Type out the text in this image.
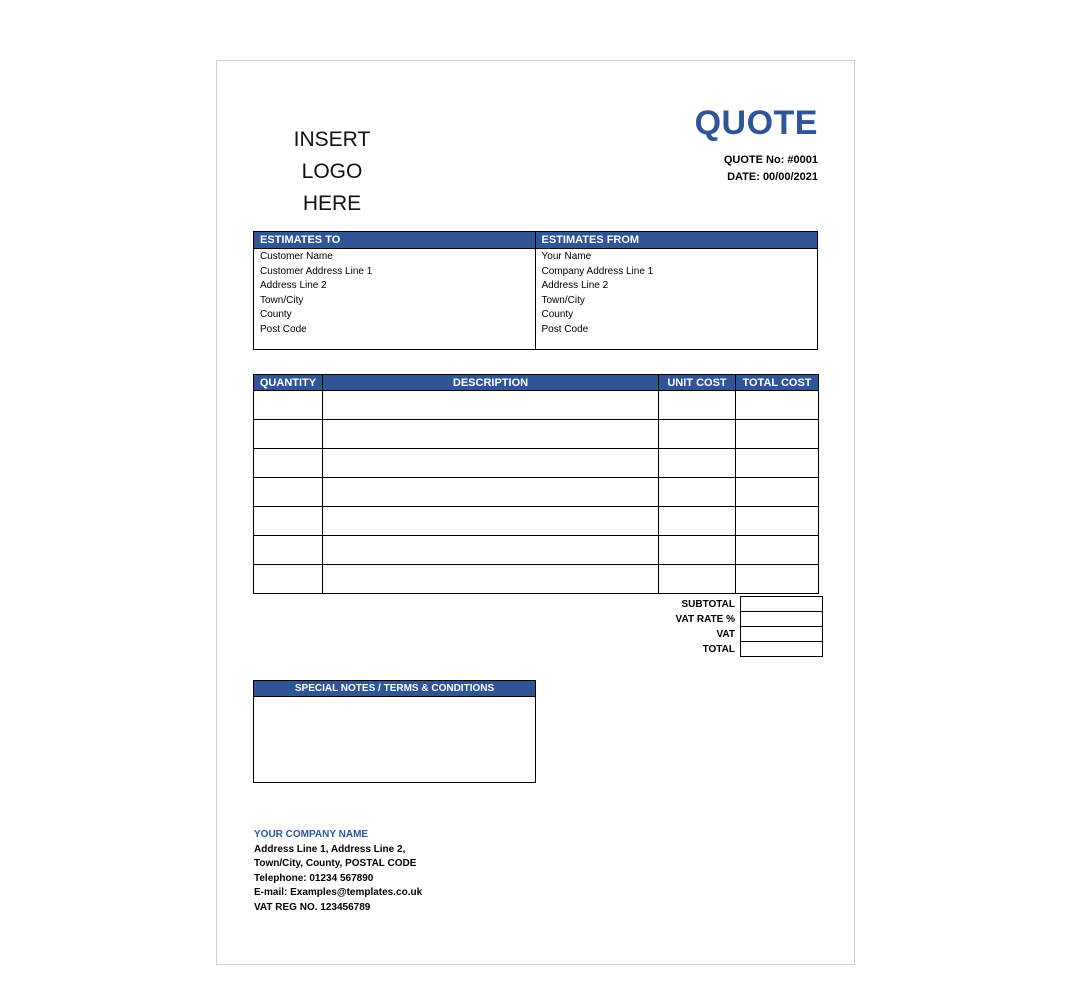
INSERT LOGO
HERE
QUOTE
QUOTE No: #0001
DATE: 00/00/2021
ESTIMATES TO
Customer Name
Customer Address Line 1
Address Line 2
Town/City
County
Post Code
ESTIMATES FROM
Your Name
Company Address Line 1
Address Line 2
Town/City
County
Post Code
QUANTITY	DESCRIPTION	UNIT COST	TOTAL COST

SUBTOTAL	
VAT RATE %	
VAT	
TOTAL	
SPECIAL NOTES / TERMS & CONDITIONS
YOUR COMPANY NAME
Address Line 1, Address Line 2,
Town/City, County, POSTAL CODE
Telephone: 01234 567890
E-mail: Examples@templates.co.uk
VAT REG NO. 123456789
